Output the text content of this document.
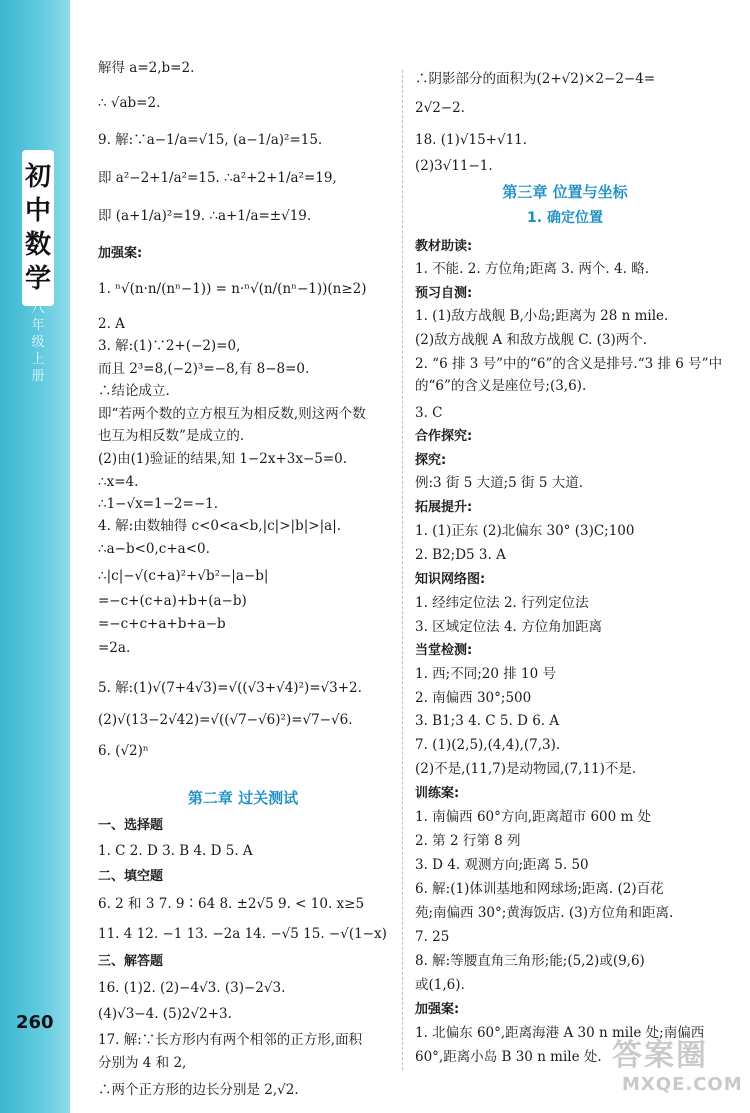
初中数学
八年级上册
260
解得 a=2,b=2.
∴ √ab=2.
9. 解:∵a−1/a=√15, (a−1/a)²=15.
即 a²−2+1/a²=15. ∴a²+2+1/a²=19,
即 (a+1/a)²=19. ∴a+1/a=±√19.
加强案:
1. ⁿ√(n·n/(nⁿ−1)) = n·ⁿ√(n/(nⁿ−1))(n≥2)
2. A
3. 解:(1)∵2+(−2)=0,
而且 2³=8,(−2)³=−8,有 8−8=0.
∴结论成立.
即“若两个数的立方根互为相反数,则这两个数
也互为相反数”是成立的.
(2)由(1)验证的结果,知 1−2x+3x−5=0.
∴x=4.
∴1−√x=1−2=−1.
4. 解:由数轴得 c<0<a<b,|c|>|b|>|a|.
∴a−b<0,c+a<0.
∴|c|−√(c+a)²+√b²−|a−b|
=−c+(c+a)+b+(a−b)
=−c+c+a+b+a−b
=2a.
5. 解:(1)√(7+4√3)=√((√3+√4)²)=√3+2.
(2)√(13−2√42)=√((√7−√6)²)=√7−√6.
6. (√2)ⁿ
第二章 过关测试
一、选择题
1. C 2. D 3. B 4. D 5. A
二、填空题
6. 2 和 3 7. 9∶64 8. ±2√5 9. < 10. x≥5
11. 4 12. −1 13. −2a 14. −√5 15. −√(1−x)
三、解答题
16. (1)2. (2)−4√3. (3)−2√3.
(4)√3−4. (5)2√2+3.
17. 解:∵长方形内有两个相邻的正方形,面积
分别为 4 和 2,
∴两个正方形的边长分别是 2,√2.
∴阴影部分的面积为(2+√2)×2−2−4=
2√2−2.
18. (1)√15+√11.
(2)3√11−1.
第三章 位置与坐标
1. 确定位置
教材助读:
1. 不能. 2. 方位角;距离 3. 两个. 4. 略.
预习自测:
1. (1)敌方战舰 B,小岛;距离为 28 n mile.
(2)敌方战舰 A 和敌方战舰 C. (3)两个.
2. “6 排 3 号”中的“6”的含义是排号.“3 排 6 号”中
的“6”的含义是座位号;(3,6).
3. C
合作探究:
探究:
例:3 街 5 大道;5 街 5 大道.
拓展提升:
1. (1)正东 (2)北偏东 30° (3)C;100
2. B2;D5 3. A
知识网络图:
1. 经纬定位法 2. 行列定位法
3. 区域定位法 4. 方位角加距离
当堂检测:
1. 西;不同;20 排 10 号
2. 南偏西 30°;500
3. B1;3 4. C 5. D 6. A
7. (1)(2,5),(4,4),(7,3).
(2)不是,(11,7)是动物园,(7,11)不是.
训练案:
1. 南偏西 60°方向,距离超市 600 m 处
2. 第 2 行第 8 列
3. D 4. 观测方向;距离 5. 50
6. 解:(1)体训基地和网球场;距离. (2)百花
苑;南偏西 30°;黄海饭店. (3)方位角和距离.
7. 25
8. 解:等腰直角三角形;能;(5,2)或(9,6)
或(1,6).
加强案:
1. 北偏东 60°,距离海港 A 30 n mile 处;南偏西
60°,距离小岛 B 30 n mile 处. 答案圈
MXQE.COM
